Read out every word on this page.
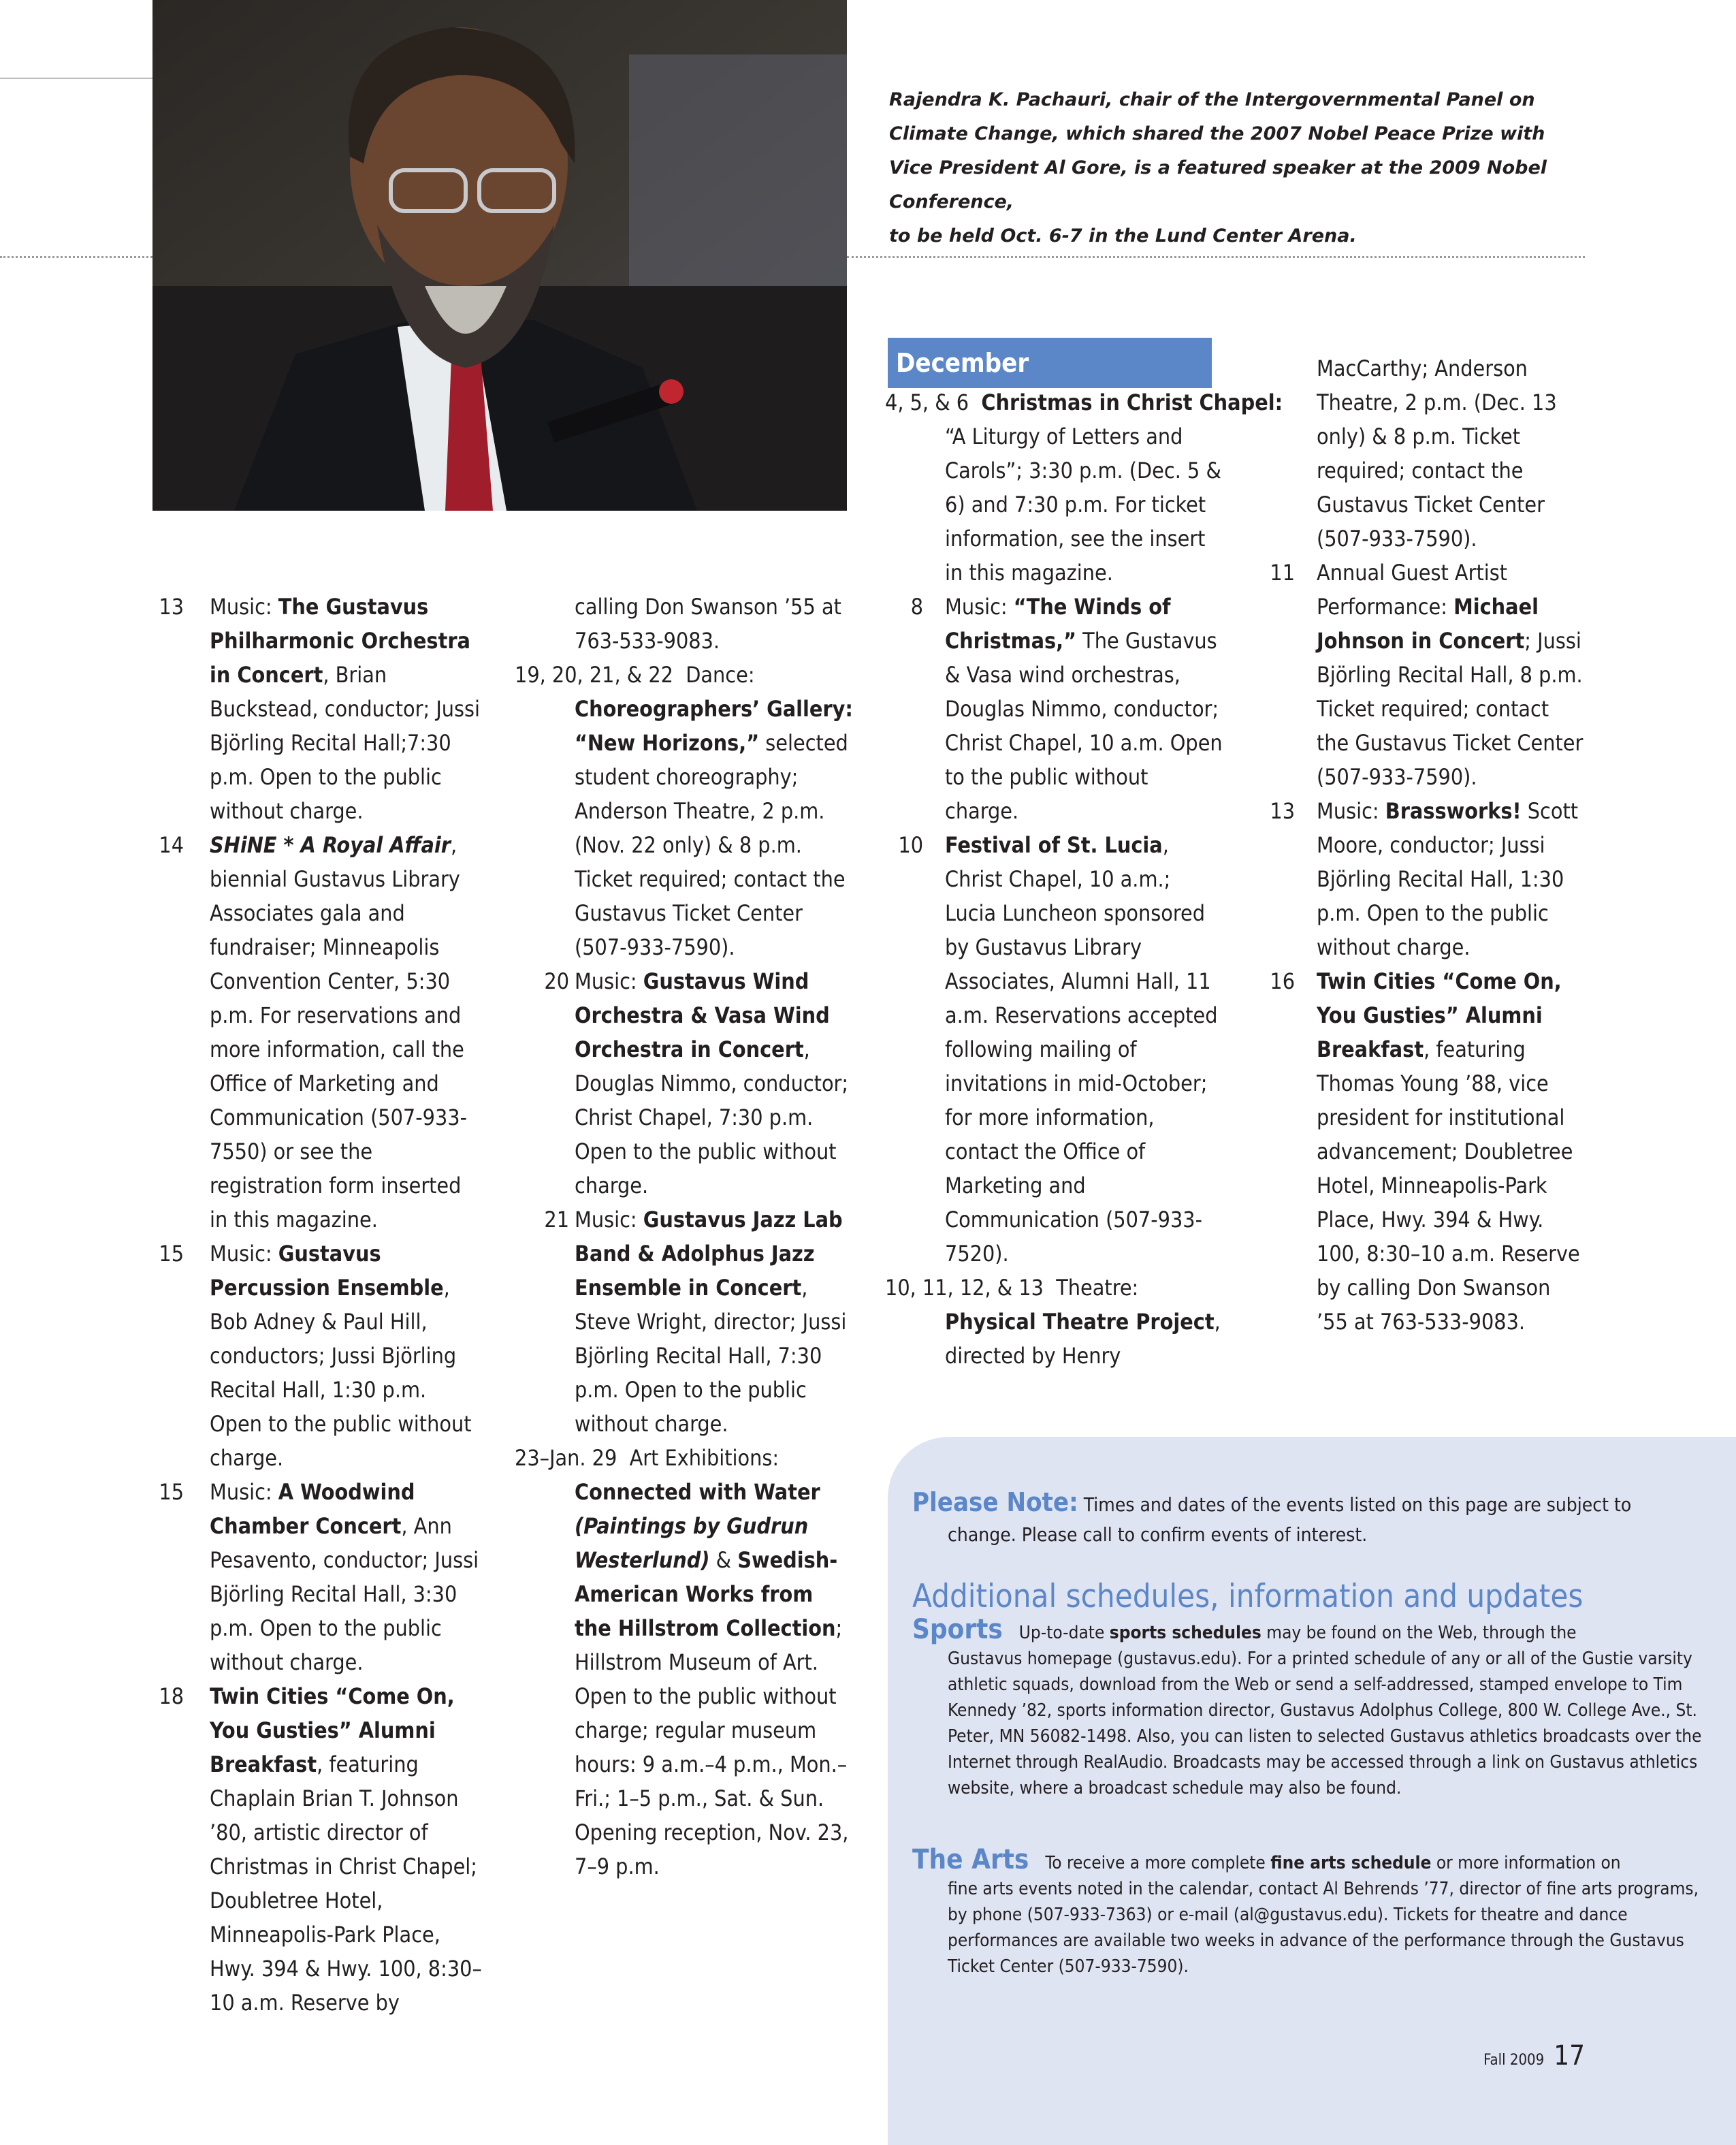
Rajendra K. Pachauri, chair of the Intergovernmental Panel on
Climate Change, which shared the 2007 Nobel Peace Prize with
Vice President Al Gore, is a featured speaker at the 2009 Nobel Conference,
to be held Oct. 6-7 in the Lund Center Arena.
13	Music: The Gustavus Philharmonic Orchestra in Concert, Brian Buckstead, conductor; Jussi Björling Recital Hall;7:30 p.m. Open to the public without charge.
14	SHiNE * A Royal Affair, biennial Gustavus Library Associates gala and fundraiser; Minneapolis Convention Center, 5:30 p.m. For reservations and more information, call the Office of Marketing and Communication (507-933-7550) or see the registration form inserted in this magazine.
15	Music: Gustavus Percussion Ensemble, Bob Adney & Paul Hill, conductors; Jussi Björling Recital Hall, 1:30 p.m. Open to the public without charge.
15	Music: A Woodwind Chamber Concert, Ann Pesavento, conductor; Jussi Björling Recital Hall, 3:30 p.m. Open to the public without charge.
18	Twin Cities “Come On, You Gusties” Alumni Breakfast, featuring Chaplain Brian T. Johnson ’80, artistic director of Christmas in Christ Chapel; Doubletree Hotel, Minneapolis-Park Place, Hwy. 394 & Hwy. 100, 8:30–10 a.m. Reserve by
calling Don Swanson ’55 at 763-533-9083.
19, 20, 21, & 22 Dance:
Choreographers’ Gallery: “New Horizons,” selected student choreography; Anderson Theatre, 2 p.m. (Nov. 22 only) & 8 p.m. Ticket required; contact the Gustavus Ticket Center (507-933-7590).
20 Music: Gustavus Wind Orchestra & Vasa Wind Orchestra in Concert, Douglas Nimmo, conductor; Christ Chapel, 7:30 p.m. Open to the public without charge.
21 Music: Gustavus Jazz Lab Band & Adolphus Jazz Ensemble in Concert, Steve Wright, director; Jussi Björling Recital Hall, 7:30 p.m. Open to the public without charge.
23–Jan. 29 Art Exhibitions:
Connected with Water (Paintings by Gudrun Westerlund) & Swedish-American Works from the Hillstrom Collection; Hillstrom Museum of Art. Open to the public without charge; regular museum hours: 9 a.m.–4 p.m., Mon.–Fri.; 1–5 p.m., Sat. & Sun. Opening reception, Nov. 23, 7–9 p.m.
December
4, 5, & 6 Christmas in Christ Chapel:
“A Liturgy of Letters and Carols”; 3:30 p.m. (Dec. 5 & 6) and 7:30 p.m. For ticket information, see the insert in this magazine.
8	Music: “The Winds of Christmas,” The Gustavus & Vasa wind orchestras, Douglas Nimmo, conductor; Christ Chapel, 10 a.m. Open to the public without charge.
10	Festival of St. Lucia, Christ Chapel, 10 a.m.; Lucia Luncheon sponsored by Gustavus Library Associates, Alumni Hall, 11 a.m. Reservations accepted following mailing of invitations in mid-October; for more information, contact the Office of Marketing and Communication (507-933-7520).
10, 11, 12, & 13 Theatre:
Physical Theatre Project, directed by Henry
MacCarthy; Anderson Theatre, 2 p.m. (Dec. 13 only) & 8 p.m. Ticket required; contact the Gustavus Ticket Center (507-933-7590).
11	Annual Guest Artist Performance: Michael Johnson in Concert; Jussi Björling Recital Hall, 8 p.m. Ticket required; contact the Gustavus Ticket Center (507-933-7590).
13	Music: Brassworks! Scott Moore, conductor; Jussi Björling Recital Hall, 1:30 p.m. Open to the public without charge.
16	Twin Cities “Come On, You Gusties” Alumni Breakfast, featuring Thomas Young ’88, vice president for institutional advancement; Doubletree Hotel, Minneapolis-Park Place, Hwy. 394 & Hwy. 100, 8:30–10 a.m. Reserve by calling Don Swanson ’55 at 763-533-9083.
Please Note: Times and dates of the events listed on this page are subject to
change. Please call to confirm events of interest.
Additional schedules, information and updates
Sports Up-to-date sports schedules may be found on the Web, through the
Gustavus homepage (gustavus.edu). For a printed schedule of any or all of the Gustie varsity athletic squads, download from the Web or send a self-addressed, stamped envelope to Tim Kennedy ’82, sports information director, Gustavus Adolphus College, 800 W. College Ave., St. Peter, MN 56082-1498. Also, you can listen to selected Gustavus athletics broadcasts over the Internet through RealAudio. Broadcasts may be accessed through a link on Gustavus athletics website, where a broadcast schedule may also be found.
The Arts To receive a more complete fine arts schedule or more information on
fine arts events noted in the calendar, contact Al Behrends ’77, director of fine arts programs, by phone (507-933-7363) or e-mail (al@gustavus.edu). Tickets for theatre and dance performances are available two weeks in advance of the performance through the Gustavus Ticket Center (507-933-7590).
Fall 2009 17
